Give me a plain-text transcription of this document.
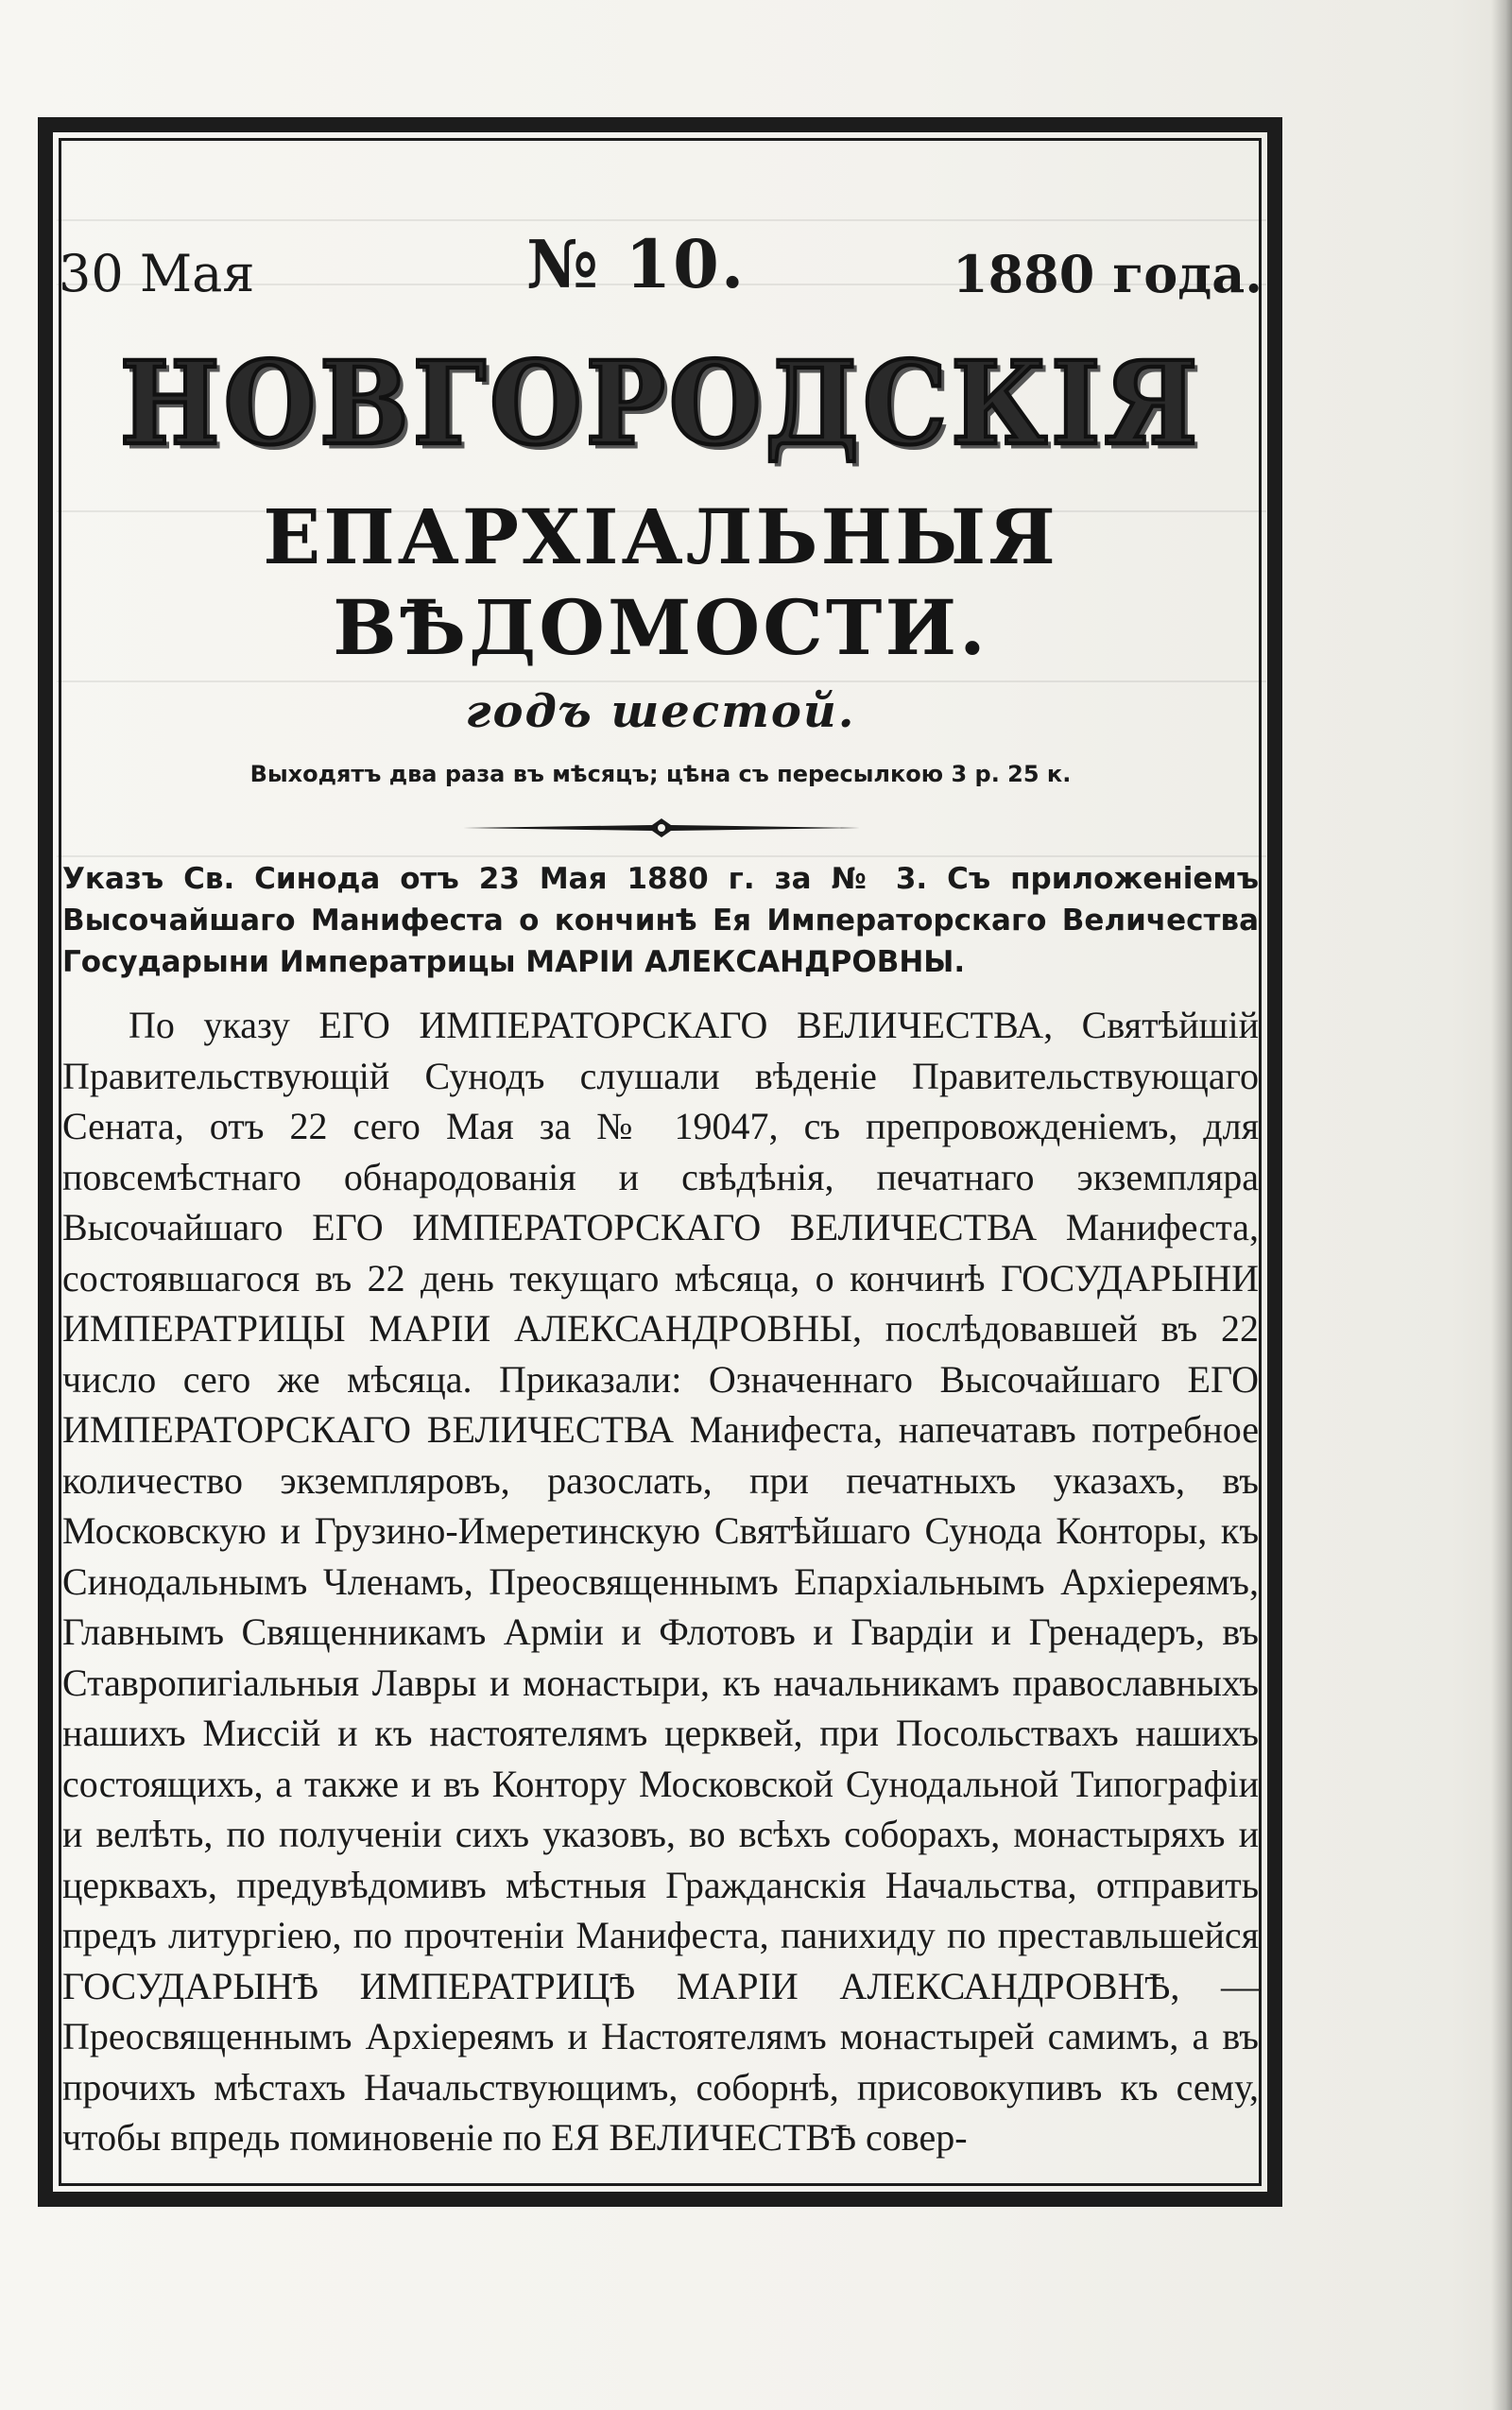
30 Мая	№ 10.	1880 года.
НОВГОРОДСКІЯ
ЕПАРХІАЛЬНЫЯ ВѢДОМОСТИ.
годъ шестой.
Выходятъ два раза въ мѣсяцъ; цѣна съ пересылкою 3 р. 25 к.
Указъ Св. Синода отъ 23 Мая 1880 г. за № 3. Съ приложеніемъ Высочайшаго Манифеста о кончинѣ Ея Императорскаго Величества Государыни Императрицы МАРІИ АЛЕКСАНДРОВНЫ.
По указу ЕГО ИМПЕРАТОРСКАГО ВЕЛИЧЕСТВА, Святѣйшій Правительствующій Сунодъ слушали вѣденіе Правительствующаго Сената, отъ 22 сего Мая за № 19047, съ препровожденіемъ, для повсемѣстнаго обнародованія и свѣдѣнія, печатнаго экземпляра Высочайшаго ЕГО ИМПЕРАТОРСКАГО ВЕЛИЧЕСТВА Манифеста, состоявшагося въ 22 день текущаго мѣсяца, о кончинѣ ГОСУДАРЫНИ ИМПЕРАТРИЦЫ МАРІИ АЛЕКСАНДРОВНЫ, послѣдовавшей въ 22 число сего же мѣсяца. Приказали: Означеннаго Высочайшаго ЕГО ИМПЕРАТОРСКАГО ВЕЛИЧЕСТВА Манифеста, напечатавъ потребное количество экземпляровъ, разослать, при печатныхъ указахъ, въ Московскую и Грузино-Имеретинскую Святѣйшаго Сунода Конторы, къ Синодальнымъ Членамъ, Преосвященнымъ Епархіальнымъ Архіереямъ, Главнымъ Священникамъ Арміи и Флотовъ и Гвардіи и Гренадеръ, въ Ставропигіальныя Лавры и монастыри, къ начальникамъ православныхъ нашихъ Миссій и къ настоятелямъ церквей, при Посольствахъ нашихъ состоящихъ, а также и въ Контору Московской Сунодальной Типографіи и велѣть, по полученіи сихъ указовъ, во всѣхъ соборахъ, монастыряхъ и церквахъ, предувѣдомивъ мѣстныя Гражданскія Начальства, отправить предъ литургіею, по прочтеніи Манифеста, панихиду по преставльшейся ГОСУДАРЫНѢ ИМПЕРАТРИЦѢ МАРІИ АЛЕКСАНДРОВНѢ, —Преосвященнымъ Архіереямъ и Настоятелямъ монастырей самимъ, а въ прочихъ мѣстахъ Начальствующимъ, соборнѣ, присовокупивъ къ сему, чтобы впредь поминовеніе по ЕЯ ВЕЛИЧЕСТВѢ совер-
